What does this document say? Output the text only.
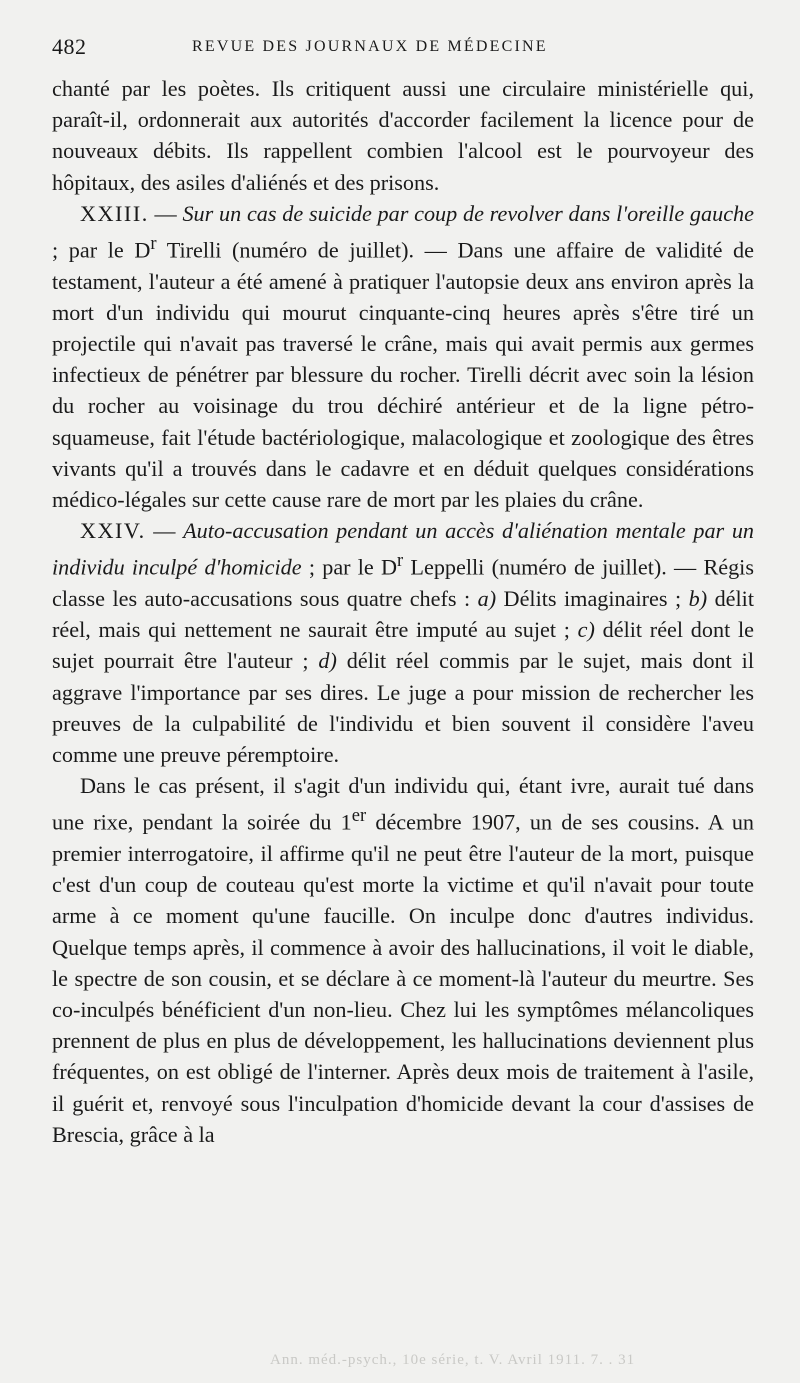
482	REVUE DES JOURNAUX DE MÉDECINE

chanté par les poètes. Ils critiquent aussi une circulaire ministérielle qui, paraît-il, ordonnerait aux autorités d'accorder facilement la licence pour de nouveaux débits. Ils rappellent combien l'alcool est le pourvoyeur des hôpitaux, des asiles d'aliénés et des prisons.

XXIII. — Sur un cas de suicide par coup de revolver dans l'oreille gauche ; par le $D^r$ Tirelli (numéro de juillet). — Dans une affaire de validité de testament, l'auteur a été amené à pratiquer l'autopsie deux ans environ après la mort d'un individu qui mourut cinquante-cinq heures après s'être tiré un projectile qui n'avait pas traversé le crâne, mais qui avait permis aux germes infectieux de pénétrer par blessure du rocher. Tirelli décrit avec soin la lésion du rocher au voisinage du trou déchiré antérieur et de la ligne pétro-squameuse, fait l'étude bactériologique, malacologique et zoologique des êtres vivants qu'il a trouvés dans le cadavre et en déduit quelques considérations médico-légales sur cette cause rare de mort par les plaies du crâne.

XXIV. — Auto-accusation pendant un accès d'aliénation mentale par un individu inculpé d'homicide ; par le $D^r$ Leppelli (numéro de juillet). — Régis classe les auto-accusations sous quatre chefs : a) Délits imaginaires ; b) délit réel, mais qui nettement ne saurait être imputé au sujet ; c) délit réel dont le sujet pourrait être l'auteur ; d) délit réel commis par le sujet, mais dont il aggrave l'importance par ses dires. Le juge a pour mission de rechercher les preuves de la culpabilité de l'individu et bien souvent il considère l'aveu comme une preuve péremptoire.

Dans le cas présent, il s'agit d'un individu qui, étant ivre, aurait tué dans une rixe, pendant la soirée du 1er décembre 1907, un de ses cousins. A un premier interrogatoire, il affirme qu'il ne peut être l'auteur de la mort, puisque c'est d'un coup de couteau qu'est morte la victime et qu'il n'avait pour toute arme à ce moment qu'une faucille. On inculpe donc d'autres individus. Quelque temps après, il commence à avoir des hallucinations, il voit le diable, le spectre de son cousin, et se déclare à ce moment-là l'auteur du meurtre. Ses co-inculpés bénéficient d'un non-lieu. Chez lui les symptômes mélancoliques prennent de plus en plus de développement, les hallucinations deviennent plus fréquentes, on est obligé de l'interner. Après deux mois de traitement à l'asile, il guérit et, renvoyé sous l'inculpation d'homicide devant la cour d'assises de Brescia, grâce à la

Ann. méd.-psych., 10e série, t. V. Avril 1911. 7. . 31
